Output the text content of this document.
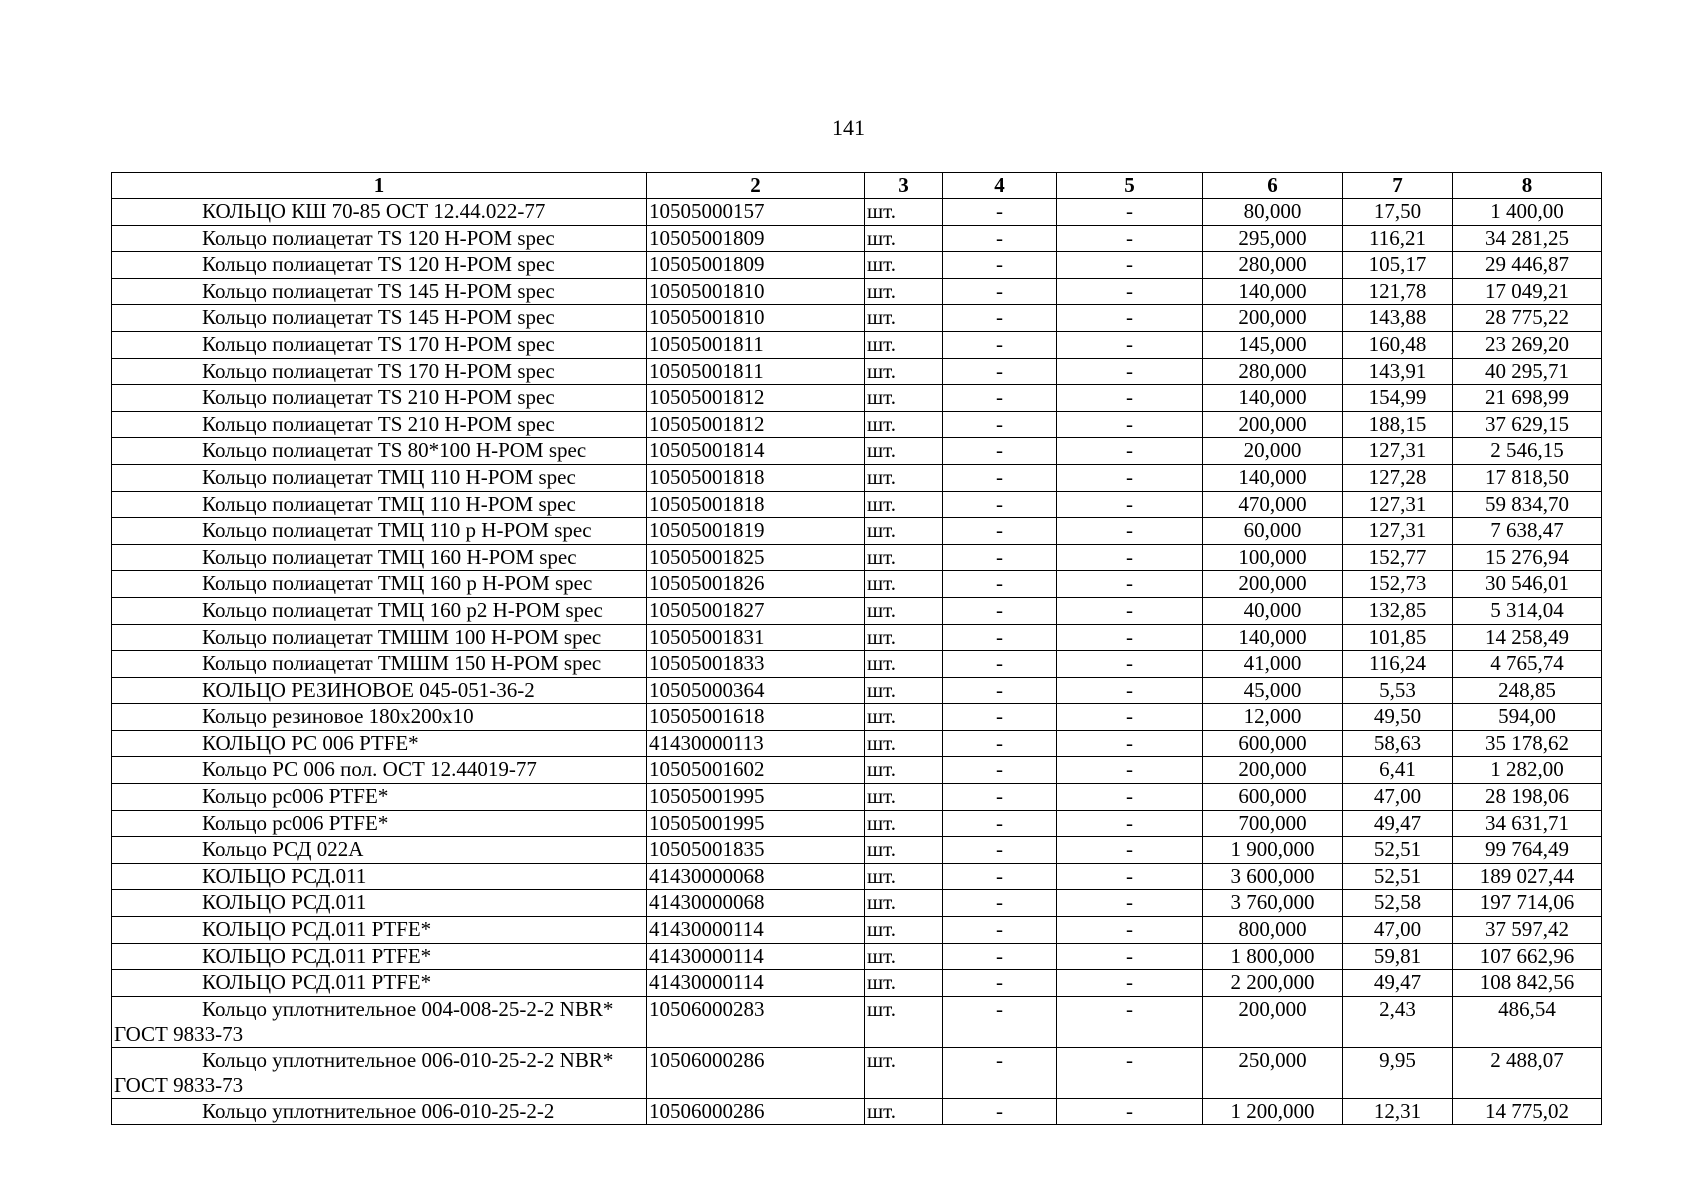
141
1	2	3	4	5	6	7	8
КОЛЬЦО КШ 70-85 ОСТ 12.44.022-77	10505000157	шт.	-	-	80,000	17,50	1 400,00
Кольцо полиацетат TS 120 H-POM spec	10505001809	шт.	-	-	295,000	116,21	34 281,25
Кольцо полиацетат TS 120 H-POM spec	10505001809	шт.	-	-	280,000	105,17	29 446,87
Кольцо полиацетат TS 145 H-POM spec	10505001810	шт.	-	-	140,000	121,78	17 049,21
Кольцо полиацетат TS 145 H-POM spec	10505001810	шт.	-	-	200,000	143,88	28 775,22
Кольцо полиацетат TS 170 H-POM spec	10505001811	шт.	-	-	145,000	160,48	23 269,20
Кольцо полиацетат TS 170 H-POM spec	10505001811	шт.	-	-	280,000	143,91	40 295,71
Кольцо полиацетат TS 210 H-POM spec	10505001812	шт.	-	-	140,000	154,99	21 698,99
Кольцо полиацетат TS 210 H-POM spec	10505001812	шт.	-	-	200,000	188,15	37 629,15
Кольцо полиацетат TS 80*100 H-POM spec	10505001814	шт.	-	-	20,000	127,31	2 546,15
Кольцо полиацетат ТМЦ 110 H-POM spec	10505001818	шт.	-	-	140,000	127,28	17 818,50
Кольцо полиацетат ТМЦ 110 H-POM spec	10505001818	шт.	-	-	470,000	127,31	59 834,70
Кольцо полиацетат ТМЦ 110 р H-POM spec	10505001819	шт.	-	-	60,000	127,31	7 638,47
Кольцо полиацетат ТМЦ 160 H-POM spec	10505001825	шт.	-	-	100,000	152,77	15 276,94
Кольцо полиацетат ТМЦ 160 р H-POM spec	10505001826	шт.	-	-	200,000	152,73	30 546,01
Кольцо полиацетат ТМЦ 160 р2 H-POM spec	10505001827	шт.	-	-	40,000	132,85	5 314,04
Кольцо полиацетат ТМШМ 100 H-POM spec	10505001831	шт.	-	-	140,000	101,85	14 258,49
Кольцо полиацетат ТМШМ 150 H-POM spec	10505001833	шт.	-	-	41,000	116,24	4 765,74
КОЛЬЦО РЕЗИНОВОЕ 045-051-36-2	10505000364	шт.	-	-	45,000	5,53	248,85
Кольцо резиновое 180х200х10	10505001618	шт.	-	-	12,000	49,50	594,00
КОЛЬЦО РС 006 PTFE*	41430000113	шт.	-	-	600,000	58,63	35 178,62
Кольцо РС 006 пол. ОСТ 12.44019-77	10505001602	шт.	-	-	200,000	6,41	1 282,00
Кольцо рс006 PTFE*	10505001995	шт.	-	-	600,000	47,00	28 198,06
Кольцо рс006 PTFE*	10505001995	шт.	-	-	700,000	49,47	34 631,71
Кольцо РСД 022А	10505001835	шт.	-	-	1 900,000	52,51	99 764,49
КОЛЬЦО РСД.011	41430000068	шт.	-	-	3 600,000	52,51	189 027,44
КОЛЬЦО РСД.011	41430000068	шт.	-	-	3 760,000	52,58	197 714,06
КОЛЬЦО РСД.011 PTFE*	41430000114	шт.	-	-	800,000	47,00	37 597,42
КОЛЬЦО РСД.011 PTFE*	41430000114	шт.	-	-	1 800,000	59,81	107 662,96
КОЛЬЦО РСД.011 PTFE*	41430000114	шт.	-	-	2 200,000	49,47	108 842,56
Кольцо уплотнительное 004-008-25-2-2 NBR* ГОСТ 9833-73	10506000283	шт.	-	-	200,000	2,43	486,54
Кольцо уплотнительное 006-010-25-2-2 NBR* ГОСТ 9833-73	10506000286	шт.	-	-	250,000	9,95	2 488,07
Кольцо уплотнительное 006-010-25-2-2	10506000286	шт.	-	-	1 200,000	12,31	14 775,02
